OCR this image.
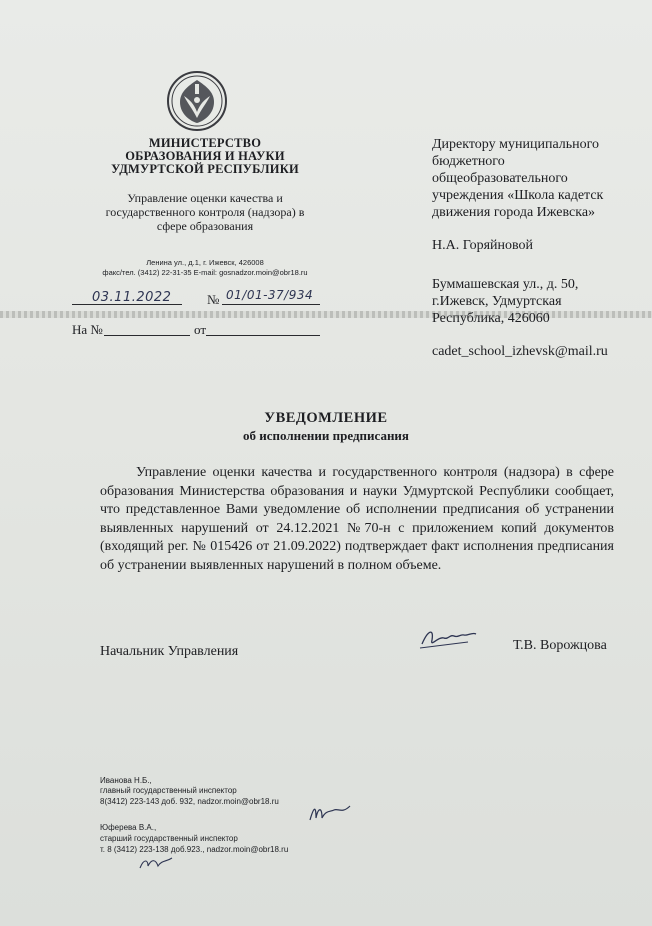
МИНИСТЕРСТВО
ОБРАЗОВАНИЯ И НАУКИ
УДМУРТСКОЙ РЕСПУБЛИКИ
Управление оценки качества и
государственного контроля (надзора) в
сфере образования
Ленина ул., д.1, г. Ижевск, 426008
факс/тел. (3412) 22-31-35 E-mail: gosnadzor.moin@obr18.ru
03.11.2022	№ 01/01-37/934
На №	от
Директору муниципального
бюджетного
общеобразовательного
учреждения «Школа кадетск
движения города Ижевска»
Н.А. Горяйновой
Буммашевская ул., д. 50,
г.Ижевск, Удмуртская
Республика, 426060
cadet_school_izhevsk@mail.ru
УВЕДОМЛЕНИЕ
об исполнении предписания
Управление оценки качества и государственного контроля (надзора) в сфере образования Министерства образования и науки Удмуртской Республики сообщает, что представленное Вами уведомление об исполнении предписания об устранении выявленных нарушений от 24.12.2021 №70-н с приложением копий документов (входящий рег. № 015426 от 21.09.2022) подтверждает факт исполнения предписания об устранении выявленных нарушений в полном объеме.
Начальник Управления	Т.В. Ворожцова
Иванова Н.Б.,
главный государственный инспектор
8(3412) 223-143 доб. 932, nadzor.moin@obr18.ru
Юферева В.А.,
старший государственный инспектор
т. 8 (3412) 223-138 доб.923., nadzor.moin@obr18.ru
